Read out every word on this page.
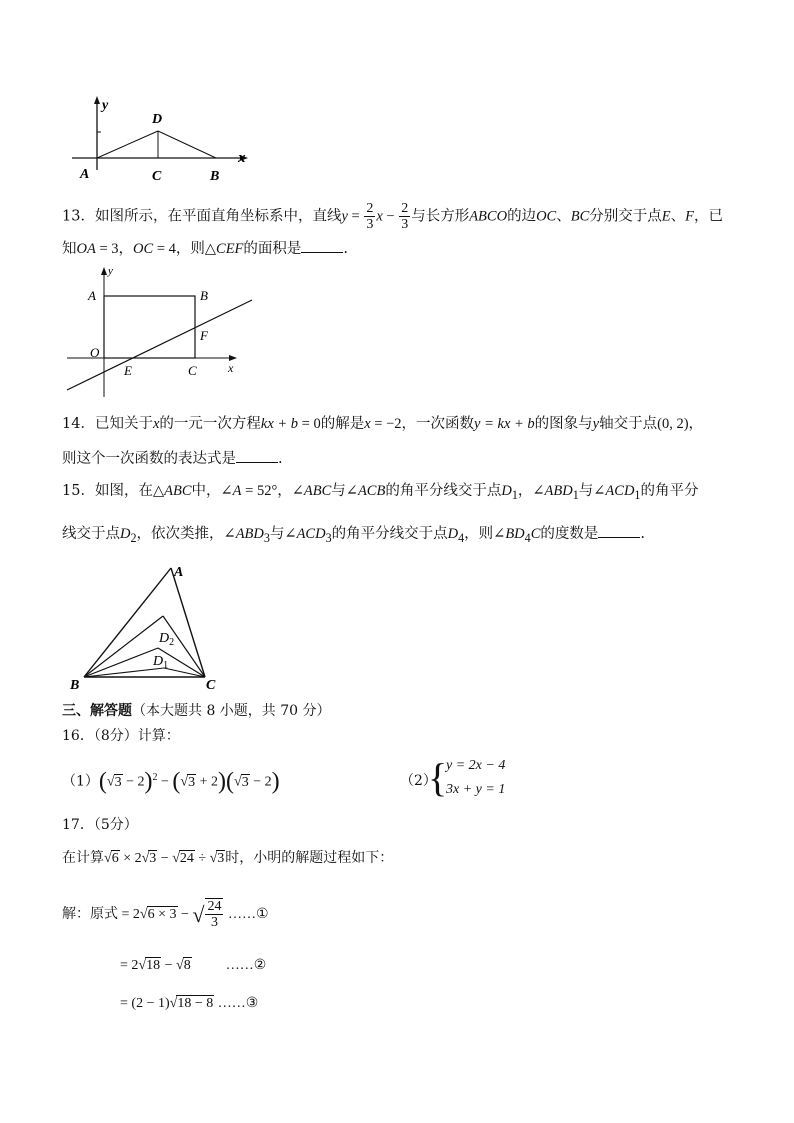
y
x
D
A	C	B
13．如图所示，在平面直角坐标系中，直线$y = \frac{2}{3}$ $x - \frac{2}{3}$ 与长方形ABCO的边OC、BC分别交于点E、F，已
知OA = 3，OC = 4，则△CEF的面积是	.
y
x
A	B
F
O
E	C
14．已知关于x的一元一次方程kx + b = 0的解是x = −2，一次函数y = kx + b的图象与y轴交于点(0, 2)，
则这个一次函数的表达式是	.
15．如图，在△ABC中，∠A = 52°，∠ABC与∠ACB的角平分线交于点$D_1$，$\angle ABD_1$与$\angle ACD_1$的角平分
线交于点$D_2$，依次类推，$\angle ABD_3$与$\angle ACD_3$的角平分线交于点$D_4$，则$\angle BD_4C$的度数是	.
A
B	C
$D_2$
$D_1$
三、解答题（本大题共 8 小题，共 70 分）
16．（8分）计算：
$(1)(√3 - 2)^2 - (√3 + 2)(√3 - 2)$	（2）
{
y = 2x − 4
3x + y = 1
17．（5分）
在计算√6 × 2√3 − √24 ÷ √3时，小明的解题过程如下：
解：原式 = 2√6 × 3 − √ $\frac{24}{3}$ ……①
= 2√18 − √8	……②
= (2 − 1)√18 − 8 ……③
